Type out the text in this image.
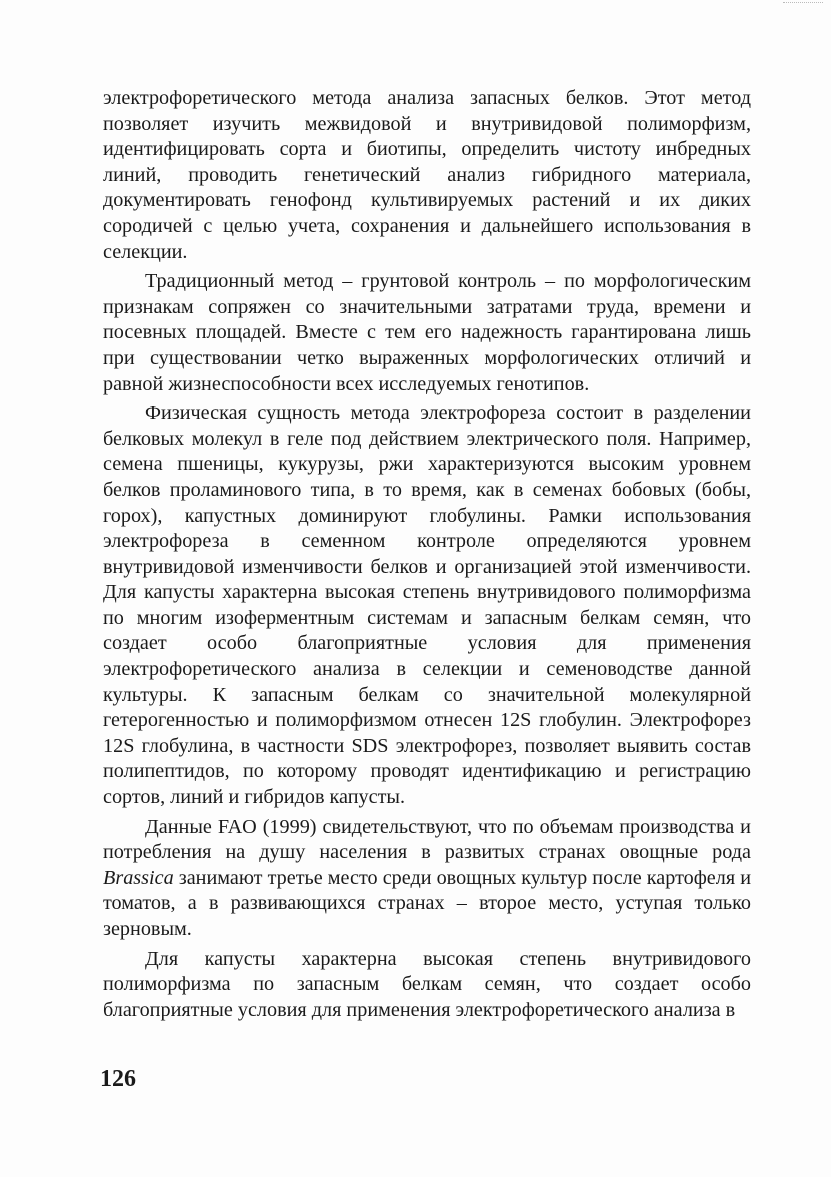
электрофоретического метода анализа запасных белков. Этот метод позволяет изучить межвидовой и внутривидовой полиморфизм, идентифицировать сорта и биотипы, определить чистоту инбредных линий, проводить генетический анализ гибридного материала, документировать генофонд культивируемых растений и их диких сородичей с целью учета, сохранения и дальнейшего использования в селекции.

Традиционный метод – грунтовой контроль – по морфологическим признакам сопряжен со значительными затратами труда, времени и посевных площадей. Вместе с тем его надежность гарантирована лишь при существовании четко выраженных морфологических отличий и равной жизнеспособности всех исследуемых генотипов.

Физическая сущность метода электрофореза состоит в разделении белковых молекул в геле под действием электрического поля. Например, семена пшеницы, кукурузы, ржи характеризуются высоким уровнем белков проламинового типа, в то время, как в семенах бобовых (бобы, горох), капустных доминируют глобулины. Рамки использования электрофореза в семенном контроле определяются уровнем внутривидовой изменчивости белков и организацией этой изменчивости. Для капусты характерна высокая степень внутривидового полиморфизма по многим изоферментным системам и запасным белкам семян, что создает особо благоприятные условия для применения электрофоретического анализа в селекции и семеноводстве данной культуры. К запасным белкам со значительной молекулярной гетерогенностью и полиморфизмом отнесен 12S глобулин. Электрофорез 12S глобулина, в частности SDS электрофорез, позволяет выявить состав полипептидов, по которому проводят идентификацию и регистрацию сортов, линий и гибридов капусты.

Данные FAO (1999) свидетельствуют, что по объемам производства и потребления на душу населения в развитых странах овощные рода Brassica занимают третье место среди овощных культур после картофеля и томатов, а в развивающихся странах – второе место, уступая только зерновым.

Для капусты характерна высокая степень внутривидового полиморфизма по запасным белкам семян, что создает особо благоприятные условия для применения электрофоретического анализа в

126
